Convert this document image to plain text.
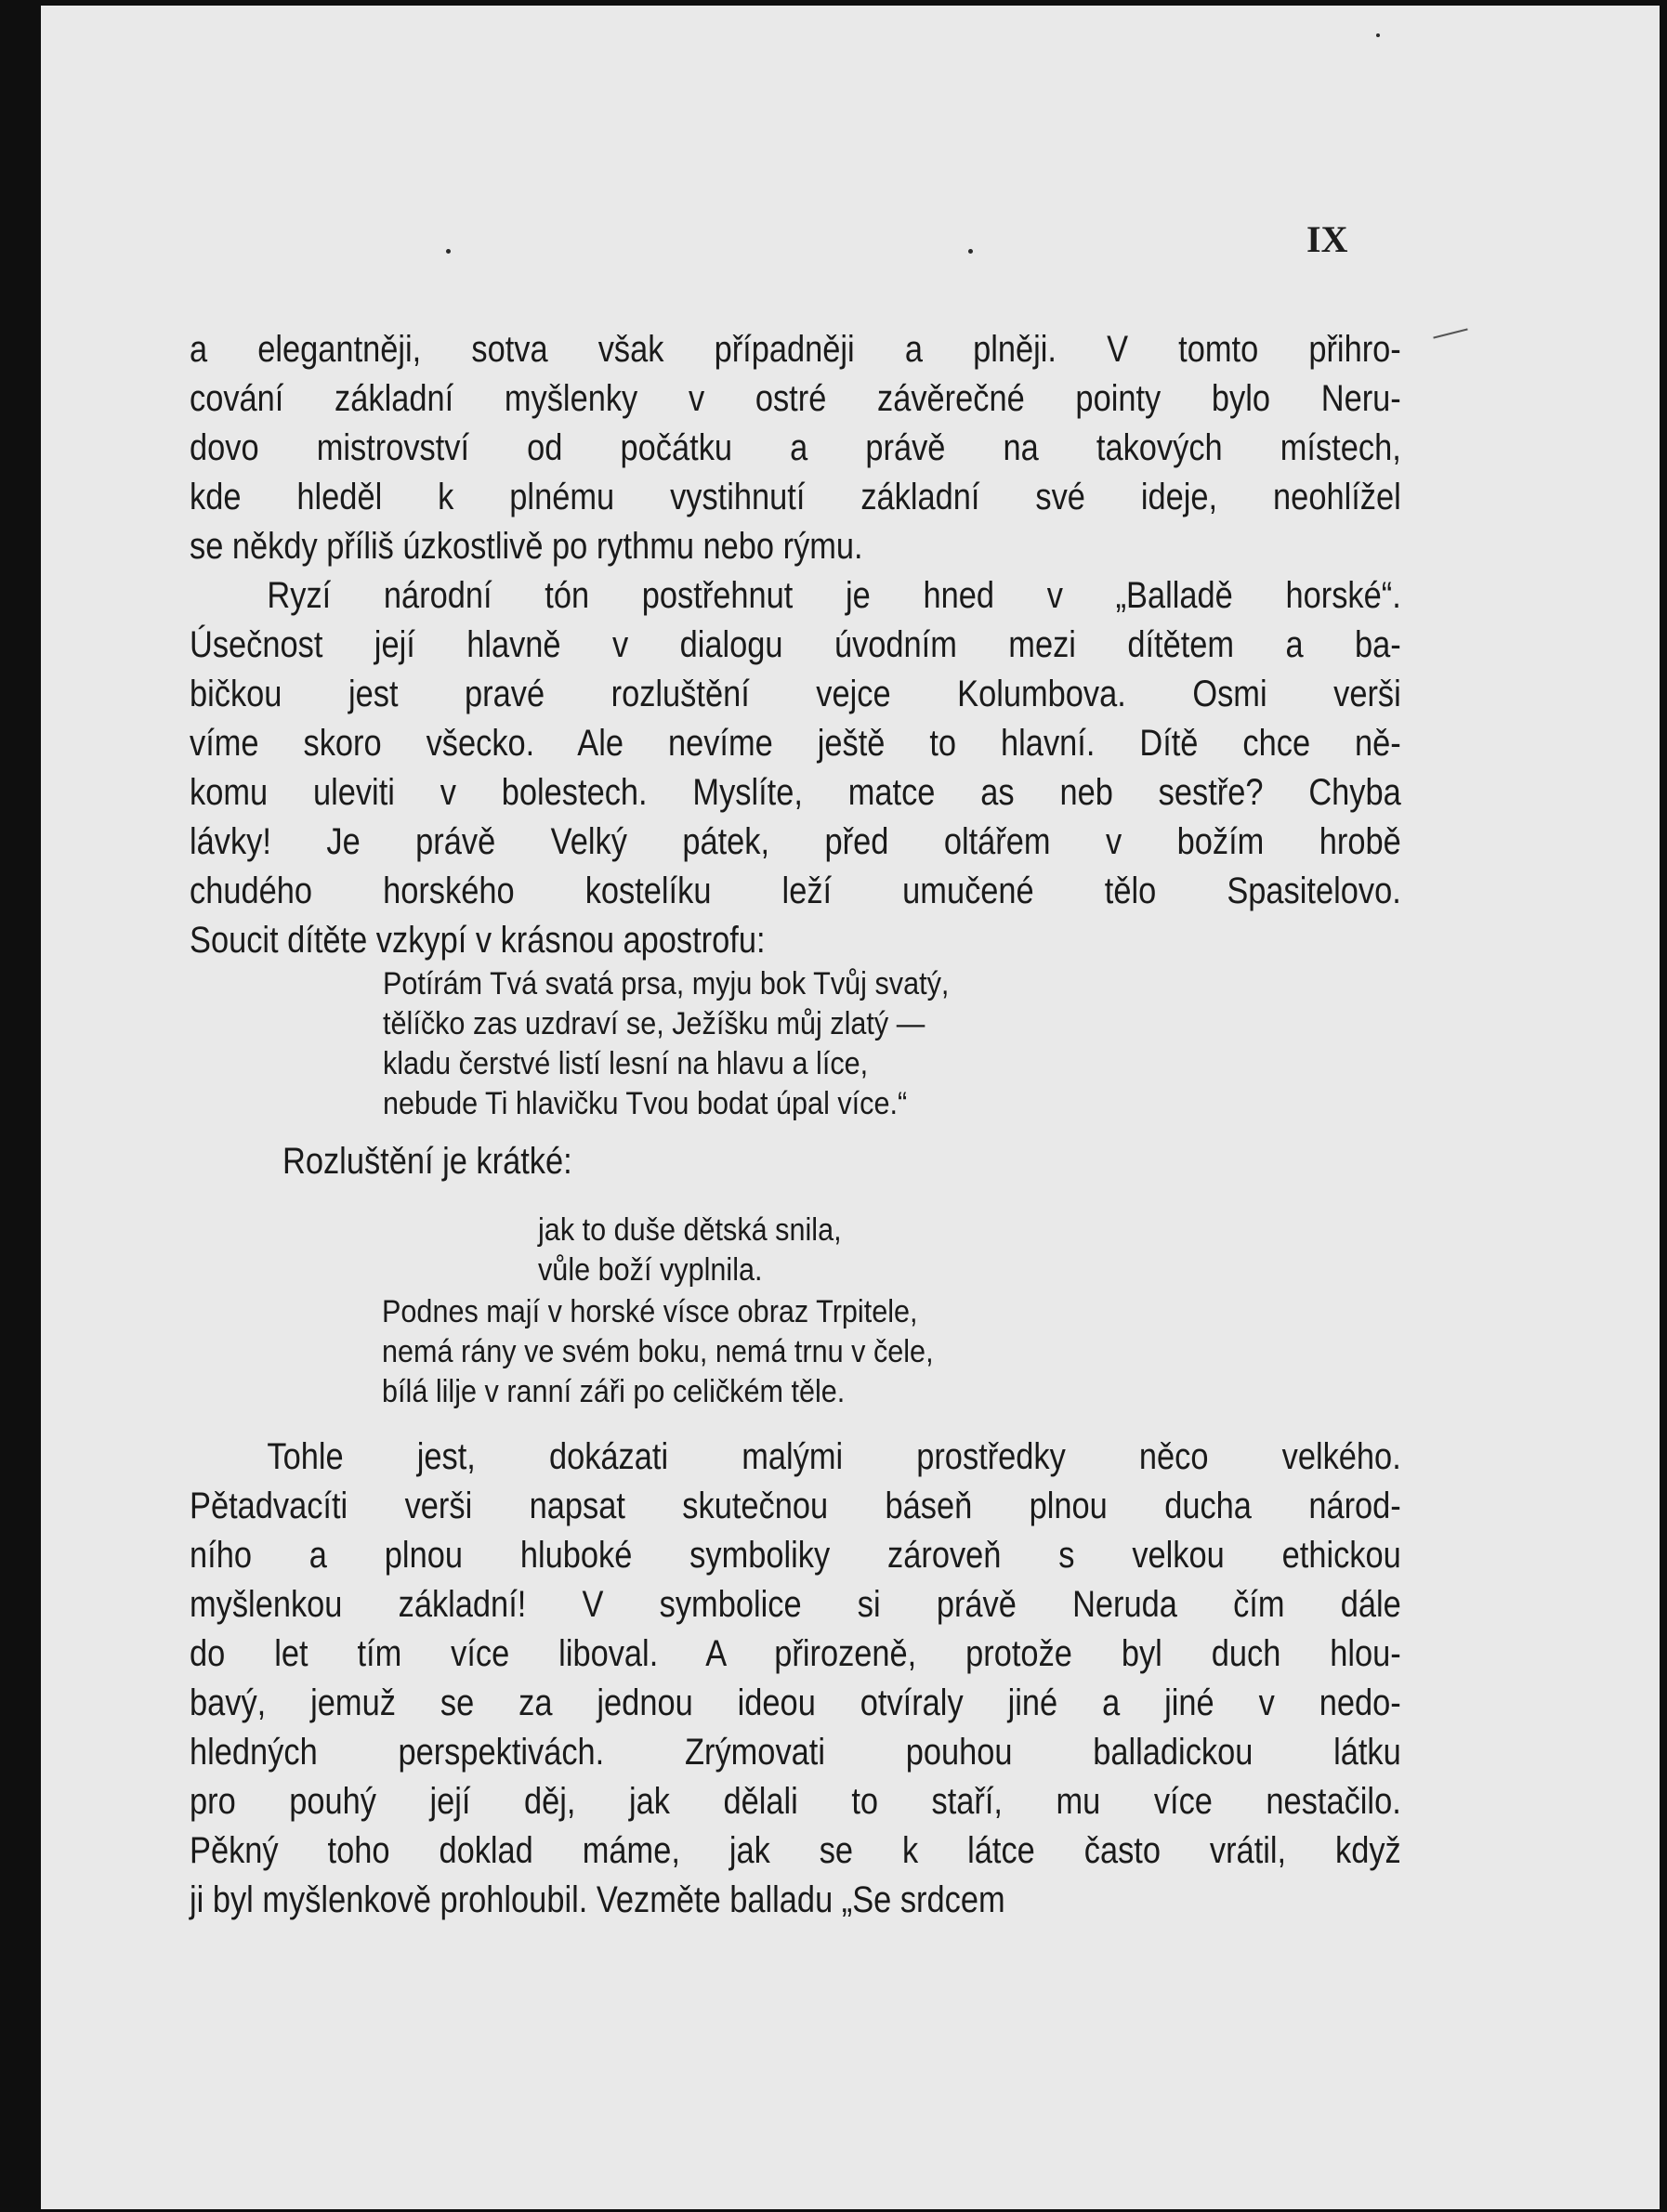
IX
a elegantněji, sotva však případněji a plněji. V tomto přihro-
cování základní myšlenky v ostré závěrečné pointy bylo Neru-
dovo mistrovství od počátku a právě na takových místech,
kde hleděl k plnému vystihnutí základní své ideje, neohlížel
se někdy příliš úzkostlivě po rythmu nebo rýmu.
Ryzí národní tón postřehnut je hned v „Balladě horské“.
Úsečnost její hlavně v dialogu úvodním mezi dítětem a ba-
bičkou jest pravé rozluštění vejce Kolumbova. Osmi verši
víme skoro všecko. Ale nevíme ještě to hlavní. Dítě chce ně-
komu uleviti v bolestech. Myslíte, matce as neb sestře? Chyba
lávky! Je právě Velký pátek, před oltářem v božím hrobě
chudého horského kostelíku leží umučené tělo Spasitelovo.
Soucit dítěte vzkypí v krásnou apostrofu:
Potírám Tvá svatá prsa, myju bok Tvůj svatý,
tělíčko zas uzdraví se, Ježíšku můj zlatý —
kladu čerstvé listí lesní na hlavu a líce,
nebude Ti hlavičku Tvou bodat úpal více.“
Rozluštění je krátké:
jak to duše dětská snila,
vůle boží vyplnila.
Podnes mají v horské vísce obraz Trpitele,
nemá rány ve svém boku, nemá trnu v čele,
bílá lilje v ranní záři po celičkém těle.
Tohle jest, dokázati malými prostředky něco velkého.
Pětadvacíti verši napsat skutečnou báseň plnou ducha národ-
ního a plnou hluboké symboliky zároveň s velkou ethickou
myšlenkou základní! V symbolice si právě Neruda čím dále
do let tím více liboval. A přirozeně, protože byl duch hlou-
bavý, jemuž se za jednou ideou otvíraly jiné a jiné v nedo-
hledných perspektivách. Zrýmovati pouhou balladickou látku
pro pouhý její děj, jak dělali to staří, mu více nestačilo.
Pěkný toho doklad máme, jak se k látce často vrátil, když
ji byl myšlenkově prohloubil. Vezměte balladu „Se srdcem
